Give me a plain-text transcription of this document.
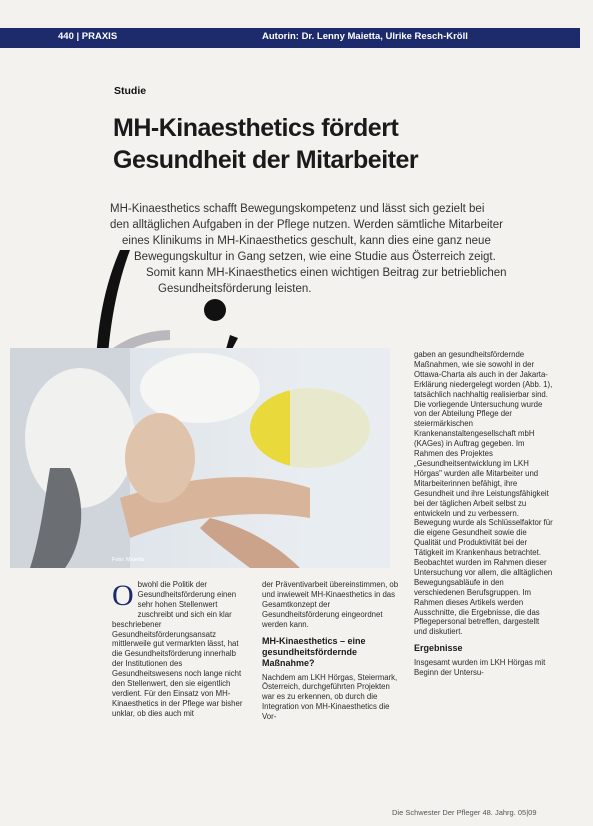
440 | PRAXIS	Autorin: Dr. Lenny Maietta, Ulrike Resch-Kröll
Studie
MH-Kinaesthetics fördert
Gesundheit der Mitarbeiter
MH-Kinaesthetics schafft Bewegungskompetenz und lässt sich gezielt bei
den alltäglichen Aufgaben in der Pflege nutzen. Werden sämtliche Mitarbeiter
eines Klinikums in MH-Kinaesthetics geschult, kann dies eine ganz neue
Bewegungskultur in Gang setzen, wie eine Studie aus Österreich zeigt.
Somit kann MH-Kinaesthetics einen wichtigen Beitrag zur betrieblichen
Gesundheitsförderung leisten.
Foto: Maietta

O bwohl die Politik der Gesundheitsförderung einen sehr hohen Stellenwert zuschreibt und sich ein klar beschriebener Gesundheitsförderungsansatz mittlerweile gut vermarkten lässt, hat die Gesundheitsförderung innerhalb der Institutionen des Gesundheitswesens noch lange nicht den Stellenwert, den sie eigentlich verdient. Für den Einsatz von MH-Kinaesthetics in der Pflege war bisher unklar, ob dies auch mit

der Präventivarbeit übereinstimmen, ob und inwieweit MH-Kinaesthetics in das Gesamtkonzept der Gesundheitsförderung eingeordnet werden kann.

MH-Kinaesthetics – eine gesundheitsfördernde Maßnahme?

Nachdem am LKH Hörgas, Steiermark, Österreich, durchgeführten Projekten war es zu erkennen, ob durch die Integration von MH-Kinaesthetics die Vor-

gaben an gesundheitsfördernde Maßnahmen, wie sie sowohl in der Ottawa-Charta als auch in der Jakarta-Erklärung niedergelegt worden (Abb. 1), tatsächlich nachhaltig realisierbar sind. Die vorliegende Untersuchung wurde von der Abteilung Pflege der steiermärkischen Krankenanstaltengesellschaft mbH (KAGes) in Auftrag gegeben. Im Rahmen des Projektes „Gesundheitsentwicklung im LKH Hörgas" wurden alle Mitarbeiter und Mitarbeiterinnen befähigt, ihre Gesundheit und ihre Leistungsfähigkeit bei der täglichen Arbeit selbst zu entwickeln und zu verbessern. Bewegung wurde als Schlüsselfaktor für die eigene Gesundheit sowie die Qualität und Produktivität bei der Tätigkeit im Krankenhaus betrachtet. Beobachtet wurden im Rahmen dieser Untersuchung vor allem, die alltäglichen Bewegungsabläufe in den verschiedenen Berufsgruppen. Im Rahmen dieses Artikels werden Ausschnitte, die Ergebnisse, die das Pflegepersonal betreffen, dargestellt und diskutiert.

Ergebnisse

Insgesamt wurden im LKH Hörgas mit Beginn der Untersu-

Die Schwester Der Pfleger 48. Jahrg. 05|09
